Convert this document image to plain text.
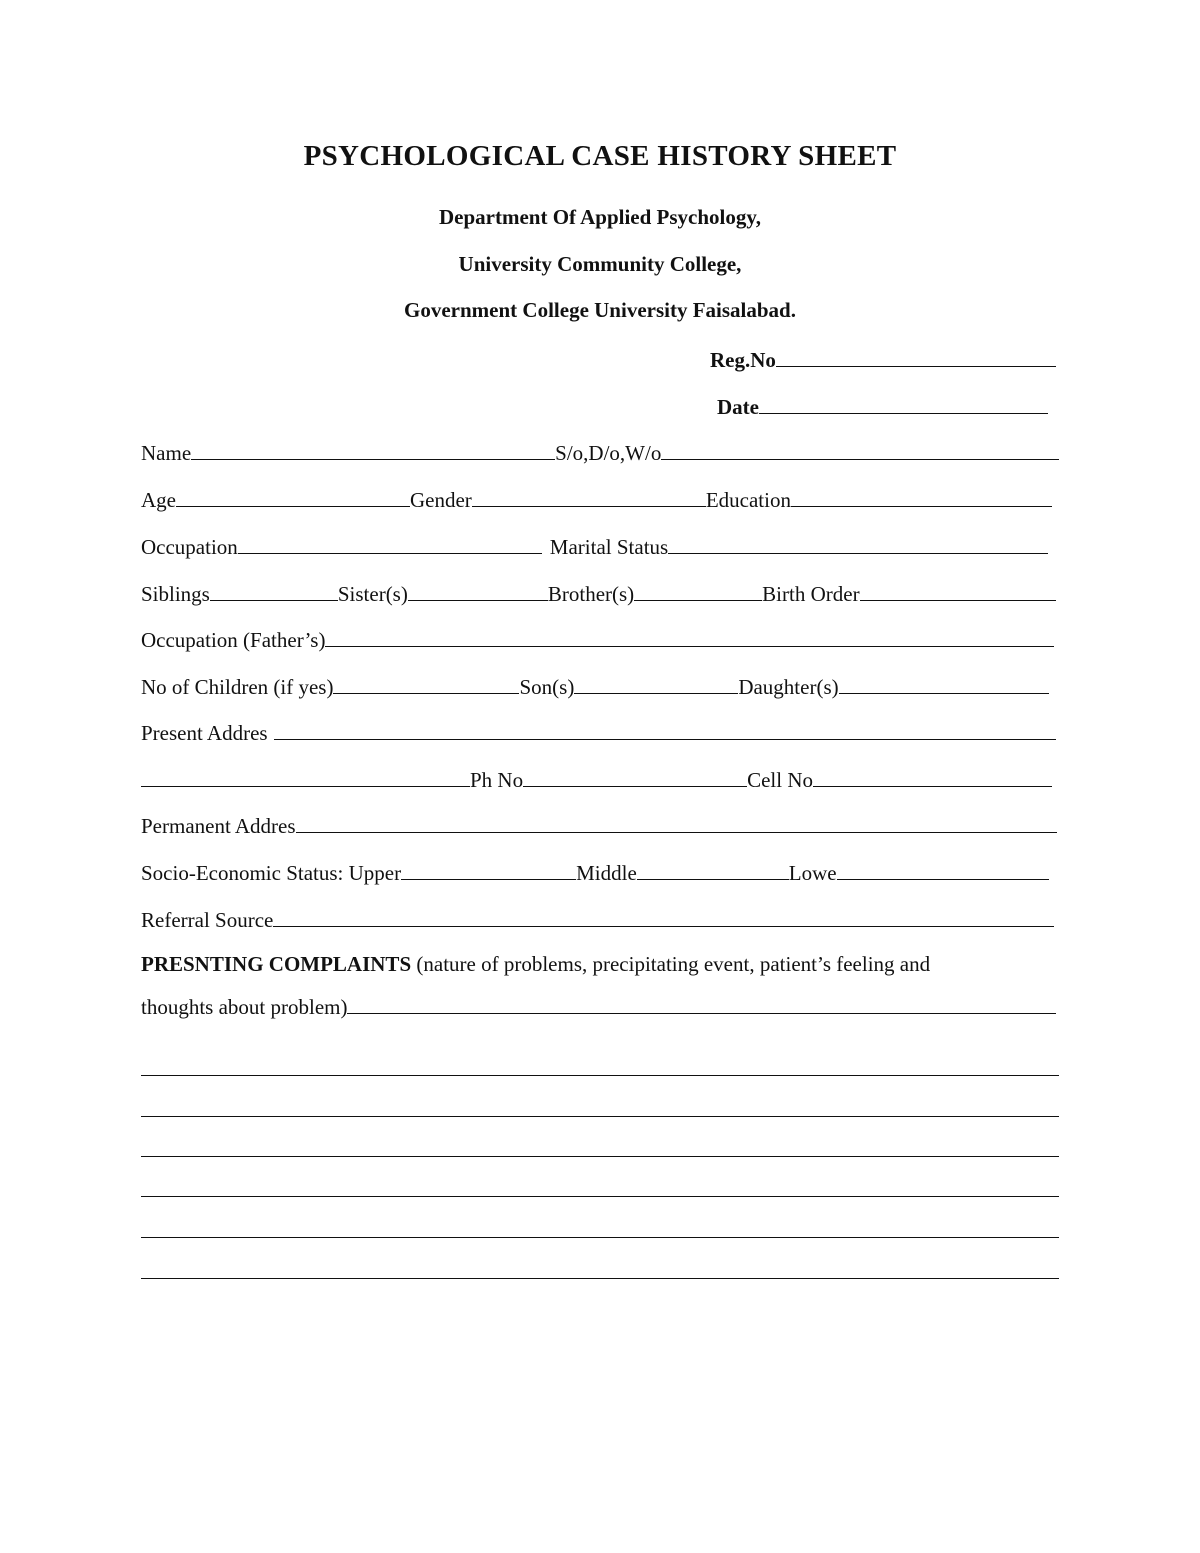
PSYCHOLOGICAL CASE HISTORY SHEET
Department Of Applied Psychology,
University Community College,
Government College University Faisalabad.
Reg.No
Date
Name	S/o,D/o,W/o
Age	Gender	Education
Occupation	Marital Status
Siblings	Sister(s)	Brother(s)	Birth Order
Occupation (Father’s)
No of Children (if yes)	Son(s)	Daughter(s)
Present Addres
Ph No	Cell No
Permanent Addres
Socio-Economic Status: Upper	Middle	Lowe
Referral Source
PRESNTING COMPLAINTS (nature of problems, precipitating event, patient’s feeling and
thoughts about problem)
